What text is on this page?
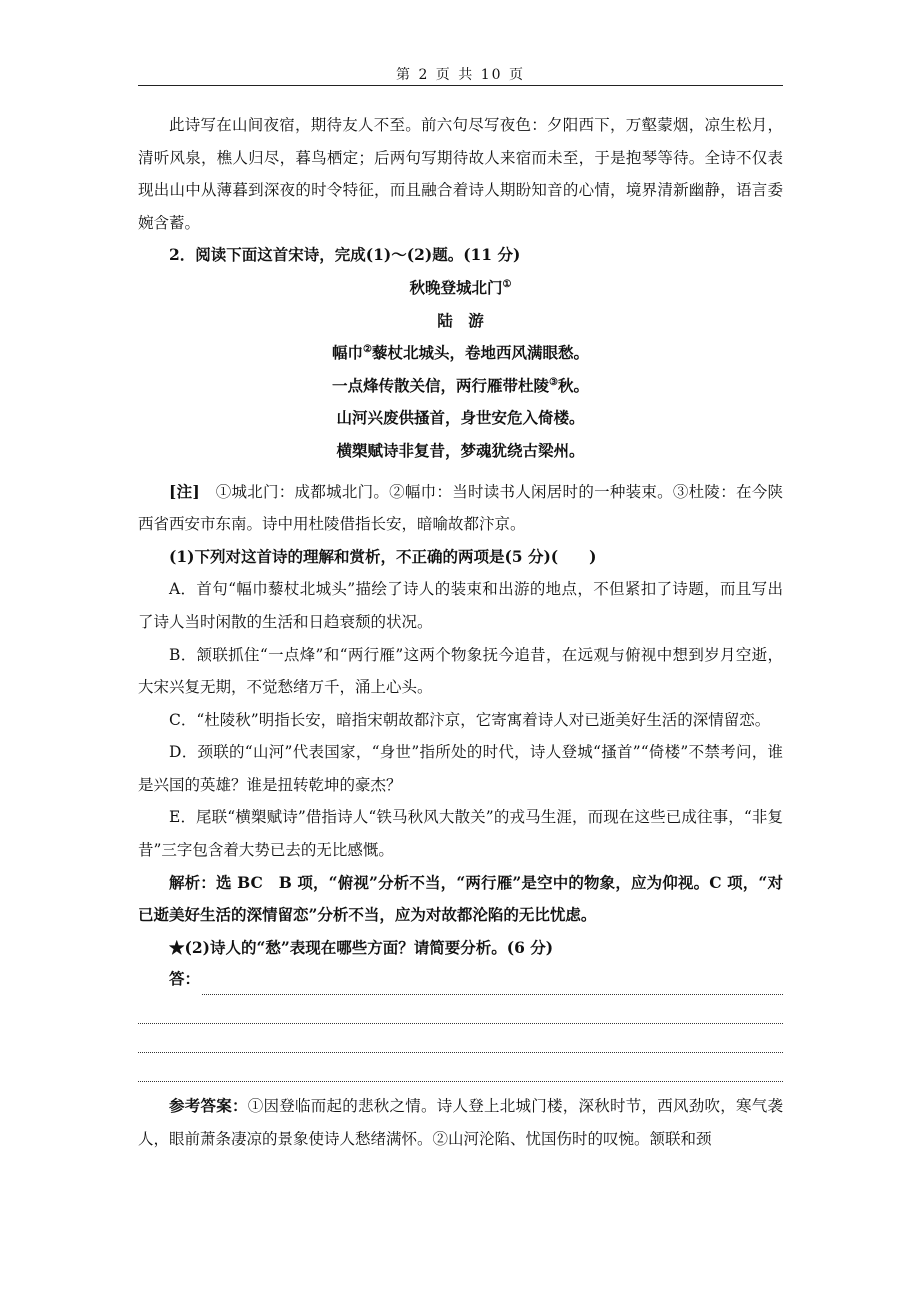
第 2 页 共 10 页

此诗写在山间夜宿，期待友人不至。前六句尽写夜色：夕阳西下，万壑蒙烟，凉生松月，清听风泉，樵人归尽，暮鸟栖定；后两句写期待故人来宿而未至，于是抱琴等待。全诗不仅表现出山中从薄暮到深夜的时令特征，而且融合着诗人期盼知音的心情，境界清新幽静，语言委婉含蓄。

2．阅读下面这首宋诗，完成(1)～(2)题。(11 分)

秋晚登城北门①

陆　游

幅巾②藜杖北城头，卷地西风满眼愁。

一点烽传散关信，两行雁带杜陵③秋。

山河兴废供搔首，身世安危入倚楼。

横槊赋诗非复昔，梦魂犹绕古梁州。

[注]　①城北门：成都城北门。②幅巾：当时读书人闲居时的一种装束。③杜陵：在今陕西省西安市东南。诗中用杜陵借指长安，暗喻故都汴京。

(1)下列对这首诗的理解和赏析，不正确的两项是(5 分)(　　)

A．首句“幅巾藜杖北城头”描绘了诗人的装束和出游的地点，不但紧扣了诗题，而且写出了诗人当时闲散的生活和日趋衰颓的状况。

B．颔联抓住“一点烽”和“两行雁”这两个物象抚今追昔，在远观与俯视中想到岁月空逝，大宋兴复无期，不觉愁绪万千，涌上心头。

C．“杜陵秋”明指长安，暗指宋朝故都汴京，它寄寓着诗人对已逝美好生活的深情留恋。

D．颈联的“山河”代表国家，“身世”指所处的时代，诗人登城“搔首”“倚楼”不禁考问，谁是兴国的英雄？谁是扭转乾坤的豪杰？

E．尾联“横槊赋诗”借指诗人“铁马秋风大散关”的戎马生涯，而现在这些已成往事，“非复昔”三字包含着大势已去的无比感慨。

解析：选 BC　B 项，“俯视”分析不当，“两行雁”是空中的物象，应为仰视。C 项，“对已逝美好生活的深情留恋”分析不当，应为对故都沦陷的无比忧虑。

★(2)诗人的“愁”表现在哪些方面？请简要分析。(6 分)

答：

参考答案：①因登临而起的悲秋之情。诗人登上北城门楼，深秋时节，西风劲吹，寒气袭人，眼前萧条凄凉的景象使诗人愁绪满怀。②山河沦陷、忧国伤时的叹惋。颔联和颈
